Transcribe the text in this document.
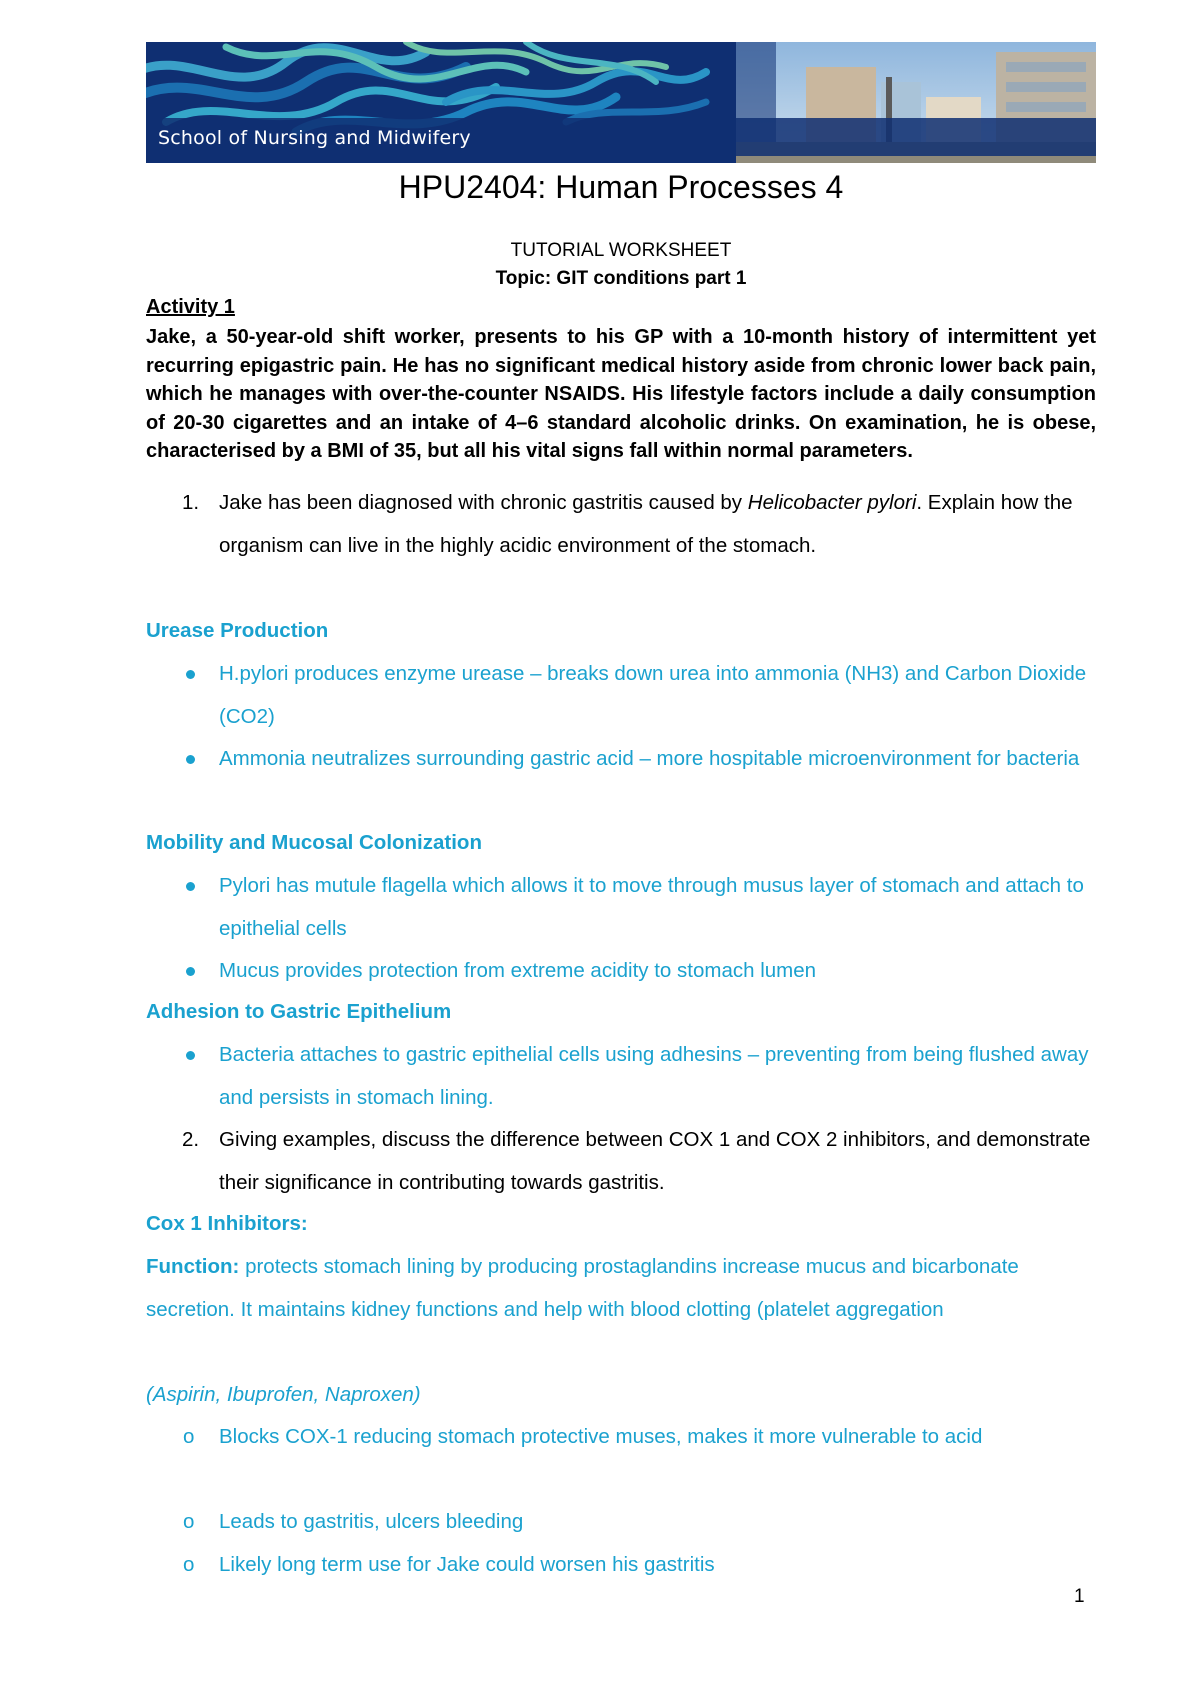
School of Nursing and Midwifery
HPU2404: Human Processes 4
TUTORIAL WORKSHEET
Topic: GIT conditions part 1
Activity 1
Jake, a 50-year-old shift worker, presents to his GP with a 10-month history of intermittent yet recurring epigastric pain. He has no significant medical history aside from chronic lower back pain, which he manages with over-the-counter NSAIDS. His lifestyle factors include a daily consumption of 20-30 cigarettes and an intake of 4–6 standard alcoholic drinks. On examination, he is obese, characterised by a BMI of 35, but all his vital signs fall within normal parameters.
1. Jake has been diagnosed with chronic gastritis caused by Helicobacter pylori. Explain how the organism can live in the highly acidic environment of the stomach.
Urease Production
H.pylori produces enzyme urease – breaks down urea into ammonia (NH3) and Carbon Dioxide (CO2)
Ammonia neutralizes surrounding gastric acid – more hospitable microenvironment for bacteria
Mobility and Mucosal Colonization
Pylori has mutule flagella which allows it to move through musus layer of stomach and attach to epithelial cells
Mucus provides protection from extreme acidity to stomach lumen
Adhesion to Gastric Epithelium
Bacteria attaches to gastric epithelial cells using adhesins – preventing from being flushed away and persists in stomach lining.
2. Giving examples, discuss the difference between COX 1 and COX 2 inhibitors, and demonstrate their significance in contributing towards gastritis.
Cox 1 Inhibitors:
Function: protects stomach lining by producing prostaglandins increase mucus and bicarbonate secretion. It maintains kidney functions and help with blood clotting (platelet aggregation
(Aspirin, Ibuprofen, Naproxen)
o Blocks COX-1 reducing stomach protective muses, makes it more vulnerable to acid
o Leads to gastritis, ulcers bleeding
o Likely long term use for Jake could worsen his gastritis
1
